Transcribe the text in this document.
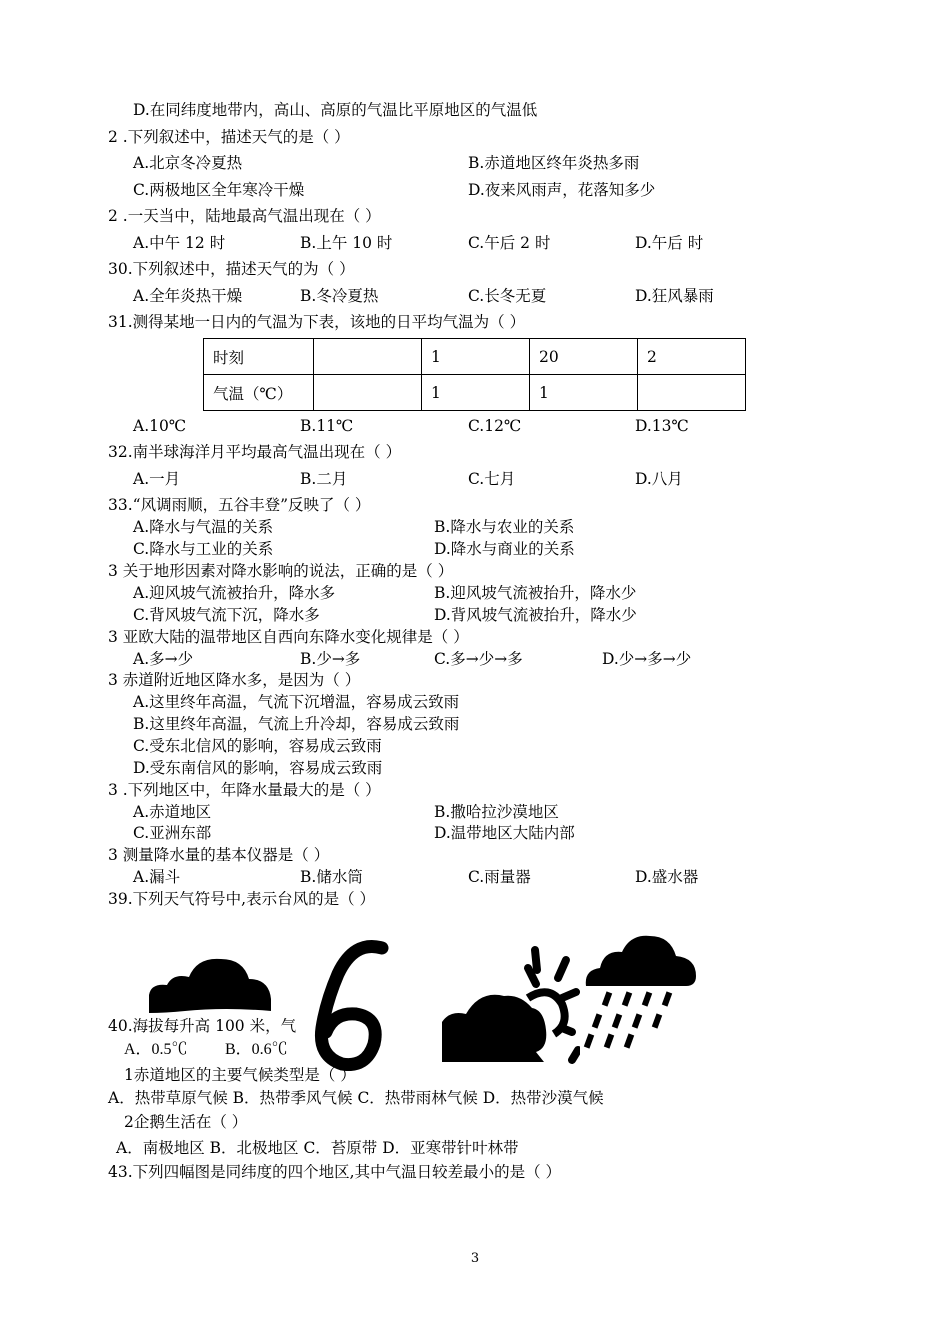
D.在同纬度地带内，高山、高原的气温比平原地区的气温低
2 .下列叙述中，描述天气的是（ ）
A.北京冬冷夏热	B.赤道地区终年炎热多雨
C.两极地区全年寒冷干燥	D.夜来风雨声，花落知多少
2 .一天当中，陆地最高气温出现在（ ）
A.中午 12 时	B.上午 10 时	C.午后 2 时	D.午后 时
30.下列叙述中，描述天气的为（ ）
A.全年炎热干燥	B.冬冷夏热	C.长冬无夏	D.狂风暴雨
31.测得某地一日内的气温为下表，该地的日平均气温为（ ）
时刻		1	20	2
气温（℃）		1	1	
A.10℃	B.11℃	C.12℃	D.13℃
32.南半球海洋月平均最高气温出现在（ ）
A.一月	B.二月	C.七月	D.八月
33.“风调雨顺，五谷丰登”反映了（ ）
A.降水与气温的关系	B.降水与农业的关系
C.降水与工业的关系	D.降水与商业的关系
3 关于地形因素对降水影响的说法，正确的是（ ）
A.迎风坡气流被抬升，降水多	B.迎风坡气流被抬升，降水少
C.背风坡气流下沉，降水多	D.背风坡气流被抬升，降水少
3 亚欧大陆的温带地区自西向东降水变化规律是（ ）
A.多→少	B.少→多	C.多→少→多	D.少→多→少
3 赤道附近地区降水多，是因为（ ）
A.这里终年高温，气流下沉增温，容易成云致雨
B.这里终年高温，气流上升冷却，容易成云致雨
C.受东北信风的影响，容易成云致雨
D.受东南信风的影响，容易成云致雨
3 .下列地区中，年降水量最大的是（ ）
A.赤道地区	B.撒哈拉沙漠地区
C.亚洲东部	D.温带地区大陆内部
3 测量降水量的基本仪器是（ ）
A.漏斗	B.储水筒	C.雨量器	D.盛水器
39.下列天气符号中,表示台风的是（ ）
40.海拔每升高 100 米，气
A．0.5℃ B．0.6℃
1赤道地区的主要气候类型是（ ）
A．热带草原气候 B．热带季风气候 C．热带雨林气候 D．热带沙漠气候
2企鹅生活在（ ）
A．南极地区 B．北极地区 C．苔原带 D．亚寒带针叶林带
43.下列四幅图是同纬度的四个地区,其中气温日较差最小的是（ ）
3
